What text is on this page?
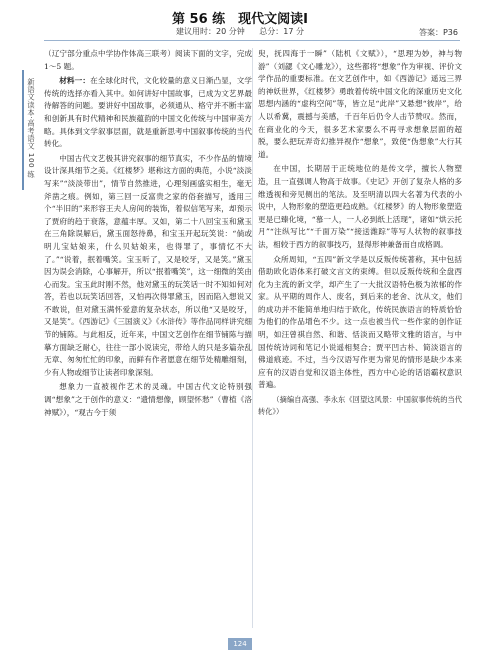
新语文读本·高考语文 100 练
第 56 练　现代文阅读Ⅰ
建议用时：20 分钟 总分：17 分	答案：P36

（辽宁部分重点中学协作体高三联考）阅读下面的文字，完成 1～5 题。

材料一：在全球化时代，文化较量的意义日渐凸显，文学传统的选择亦看入其中。如何讲好中国故事，已成为文艺界最待解答的问题。要讲好中国故事，必须通从、格守并不断丰富和创新具有时代精神和民族蕴韵的中国文化传统与中国审美方略。具体到文学叙事层面，就是重新思考中国叙事传统的当代转化。

中国古代文艺极其讲究叙事的细节真实，不少作品的情境设计深具细节之美。《红楼梦》堪称这方面的典范，小说“淡淡写来”“淡淡带出”，情节自然推进，心理刻画盛实相生，毫无斧凿之痕。例如，第三回一反富贵之家的俗套描写，透用三个“半旧的”来形容王夫人房间的装饰，着似信笔写来，却预示了贾府的趋于衰落，意蕴丰厚。又如，第二十八回宝玉和黛玉在三角除误解后，黛玉面怒待鼻，和宝玉开起玩笑说：“倘或明儿宝姑娘来，什么贝姑娘来，也得罪了，事情忆不大了。”“说着，抿着嘴笑。宝玉听了，又是咬牙，又是笑。”黛玉因为误会消除，心事解开，所以“抿着嘴笑”，这一细微的笑由心而发。宝玉此时刚不然，他对黛玉的玩笑话一时不知如何对答，若也以玩笑话回答，又怕再次得罪黛玉，因而陷入想说又不敢说，但对黛玉满怀爱意的复杂状态，所以他“又是咬牙，又是笑”。《西游记》《三国演义》《水浒传》等作品同样讲究细节的铺陈。与此相反，近年来，中国文艺创作在细节铺陈与描摹方面缺乏耐心，往往一部小说读完，带给人的只是多篇杂乱无章、匆匆忙忙的印象，而鲜有作者愿意在细节处精雕细刻，少有人物或细节让读者印象深刻。

想象力一直被视作艺术的灵魂。中国古代文论特别强调“想象”之于创作的意义：“遗情想像，顾望怀愁”（曹植《洛神赋》），“观古今于须

臾，抚四海于一瞬”（陆机《文赋》），“思理为妙，神与物游”（刘勰《文心雕龙》），这些都将“想象”作为审视、评价文学作品的重要标准。在文艺创作中，如《西游记》遥远三界的神妖世界，《红楼梦》勇敢着传统中国文化的深重历史文化思想内涵的“虚构空间”等，皆立足“此岸”又悬想“彼岸”，给人以希冀，震撼与美感，千百年后仍令人击节赞叹。然而，在商业化的今天，很多艺术家要么不再寻求想象层面的超脱，要么把玩弄奇幻推异视作“想象”，致使“伪想象”大行其道。

在中国，长期居于正统地位的是传文学，擅长人物塑造，且一直强调人物高于故事。《史记》开创了复杂人格的多维透视和旁见侧出的笔法。及至明清以四大名著为代表的小说中，人物形象的塑造更趋成熟。《红楼梦》的人物形象塑造更是已臻化境，“慕一人，一人必到纸上活现”，诸如“烘云托月”“注纵写比”“千面万染”“接送潍踪”等写人状物的叙事技法，相较于西方的叙事技巧，显得形神兼备而自成格调。

众所周知，“五四”新文学是以反叛传统著称，其中包括借助欧化语体来打破文言文的束缚。但以反叛传统和全盘西化为主流的新文学，却产生了一大批汉语特色极为浓郁的作家。从平期的周作人、废名，到后来的老舍、沈从文，他们的成功并不能简单地归结于欧化，传统民族语言的特质恰恰为他们的作品增色不少。这一点也被当代一些作家的创作证明，如汪曾祺自然、和谐、恬淡而又略带文雅的语言，与中国传统诗词和笔记小说遥相契合；贾平凹古朴、简淡语言的佛道痕迹。不过，当今汉语写作更为常见的情形是缺少本来应有的汉语自觉和汉语主体性，西方中心论的话语霸权意识普遍。

（摘编自高强、李永东《回望这风景：中国叙事传统的当代转化》）

124
